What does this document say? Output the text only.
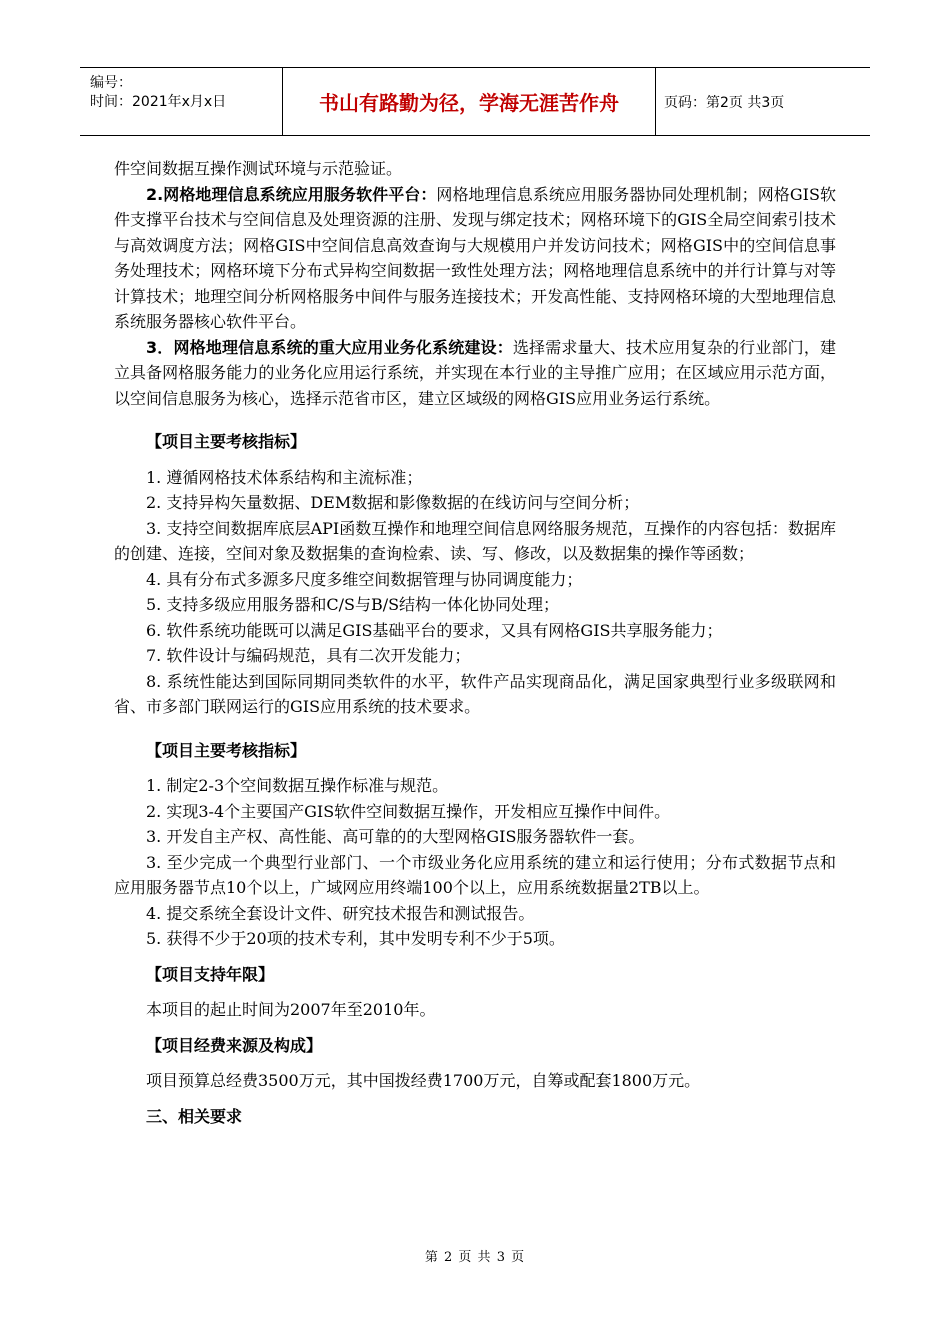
编号：
时间：2021年x月x日	书山有路勤为径，学海无涯苦作舟	页码：第2页 共3页

件空间数据互操作测试环境与示范验证。

2.网格地理信息系统应用服务软件平台：网格地理信息系统应用服务器协同处理机制；网格GIS软件支撑平台技术与空间信息及处理资源的注册、发现与绑定技术；网格环境下的GIS全局空间索引技术与高效调度方法；网格GIS中空间信息高效查询与大规模用户并发访问技术；网格GIS中的空间信息事务处理技术；网格环境下分布式异构空间数据一致性处理方法；网格地理信息系统中的并行计算与对等计算技术；地理空间分析网格服务中间件与服务连接技术；开发高性能、支持网格环境的大型地理信息系统服务器核心软件平台。

3．网格地理信息系统的重大应用业务化系统建设：选择需求量大、技术应用复杂的行业部门，建立具备网格服务能力的业务化应用运行系统，并实现在本行业的主导推广应用；在区域应用示范方面，以空间信息服务为核心，选择示范省市区，建立区域级的网格GIS应用业务运行系统。

【项目主要考核指标】

1. 遵循网格技术体系结构和主流标准；

2. 支持异构矢量数据、DEM数据和影像数据的在线访问与空间分析；

3. 支持空间数据库底层API函数互操作和地理空间信息网络服务规范，互操作的内容包括：数据库的创建、连接，空间对象及数据集的查询检索、读、写、修改，以及数据集的操作等函数；

4. 具有分布式多源多尺度多维空间数据管理与协同调度能力；

5. 支持多级应用服务器和C/S与B/S结构一体化协同处理；

6. 软件系统功能既可以满足GIS基础平台的要求，又具有网格GIS共享服务能力；

7. 软件设计与编码规范，具有二次开发能力；

8. 系统性能达到国际同期同类软件的水平，软件产品实现商品化，满足国家典型行业多级联网和省、市多部门联网运行的GIS应用系统的技术要求。

【项目主要考核指标】

1. 制定2-3个空间数据互操作标准与规范。

2. 实现3-4个主要国产GIS软件空间数据互操作，开发相应互操作中间件。

3. 开发自主产权、高性能、高可靠的的大型网格GIS服务器软件一套。

3. 至少完成一个典型行业部门、一个市级业务化应用系统的建立和运行使用；分布式数据节点和应用服务器节点10个以上，广域网应用终端100个以上，应用系统数据量2TB以上。

4. 提交系统全套设计文件、研究技术报告和测试报告。

5. 获得不少于20项的技术专利，其中发明专利不少于5项。

【项目支持年限】

本项目的起止时间为2007年至2010年。

【项目经费来源及构成】

项目预算总经费3500万元，其中国拨经费1700万元，自筹或配套1800万元。

三、相关要求

第 2 页 共 3 页
